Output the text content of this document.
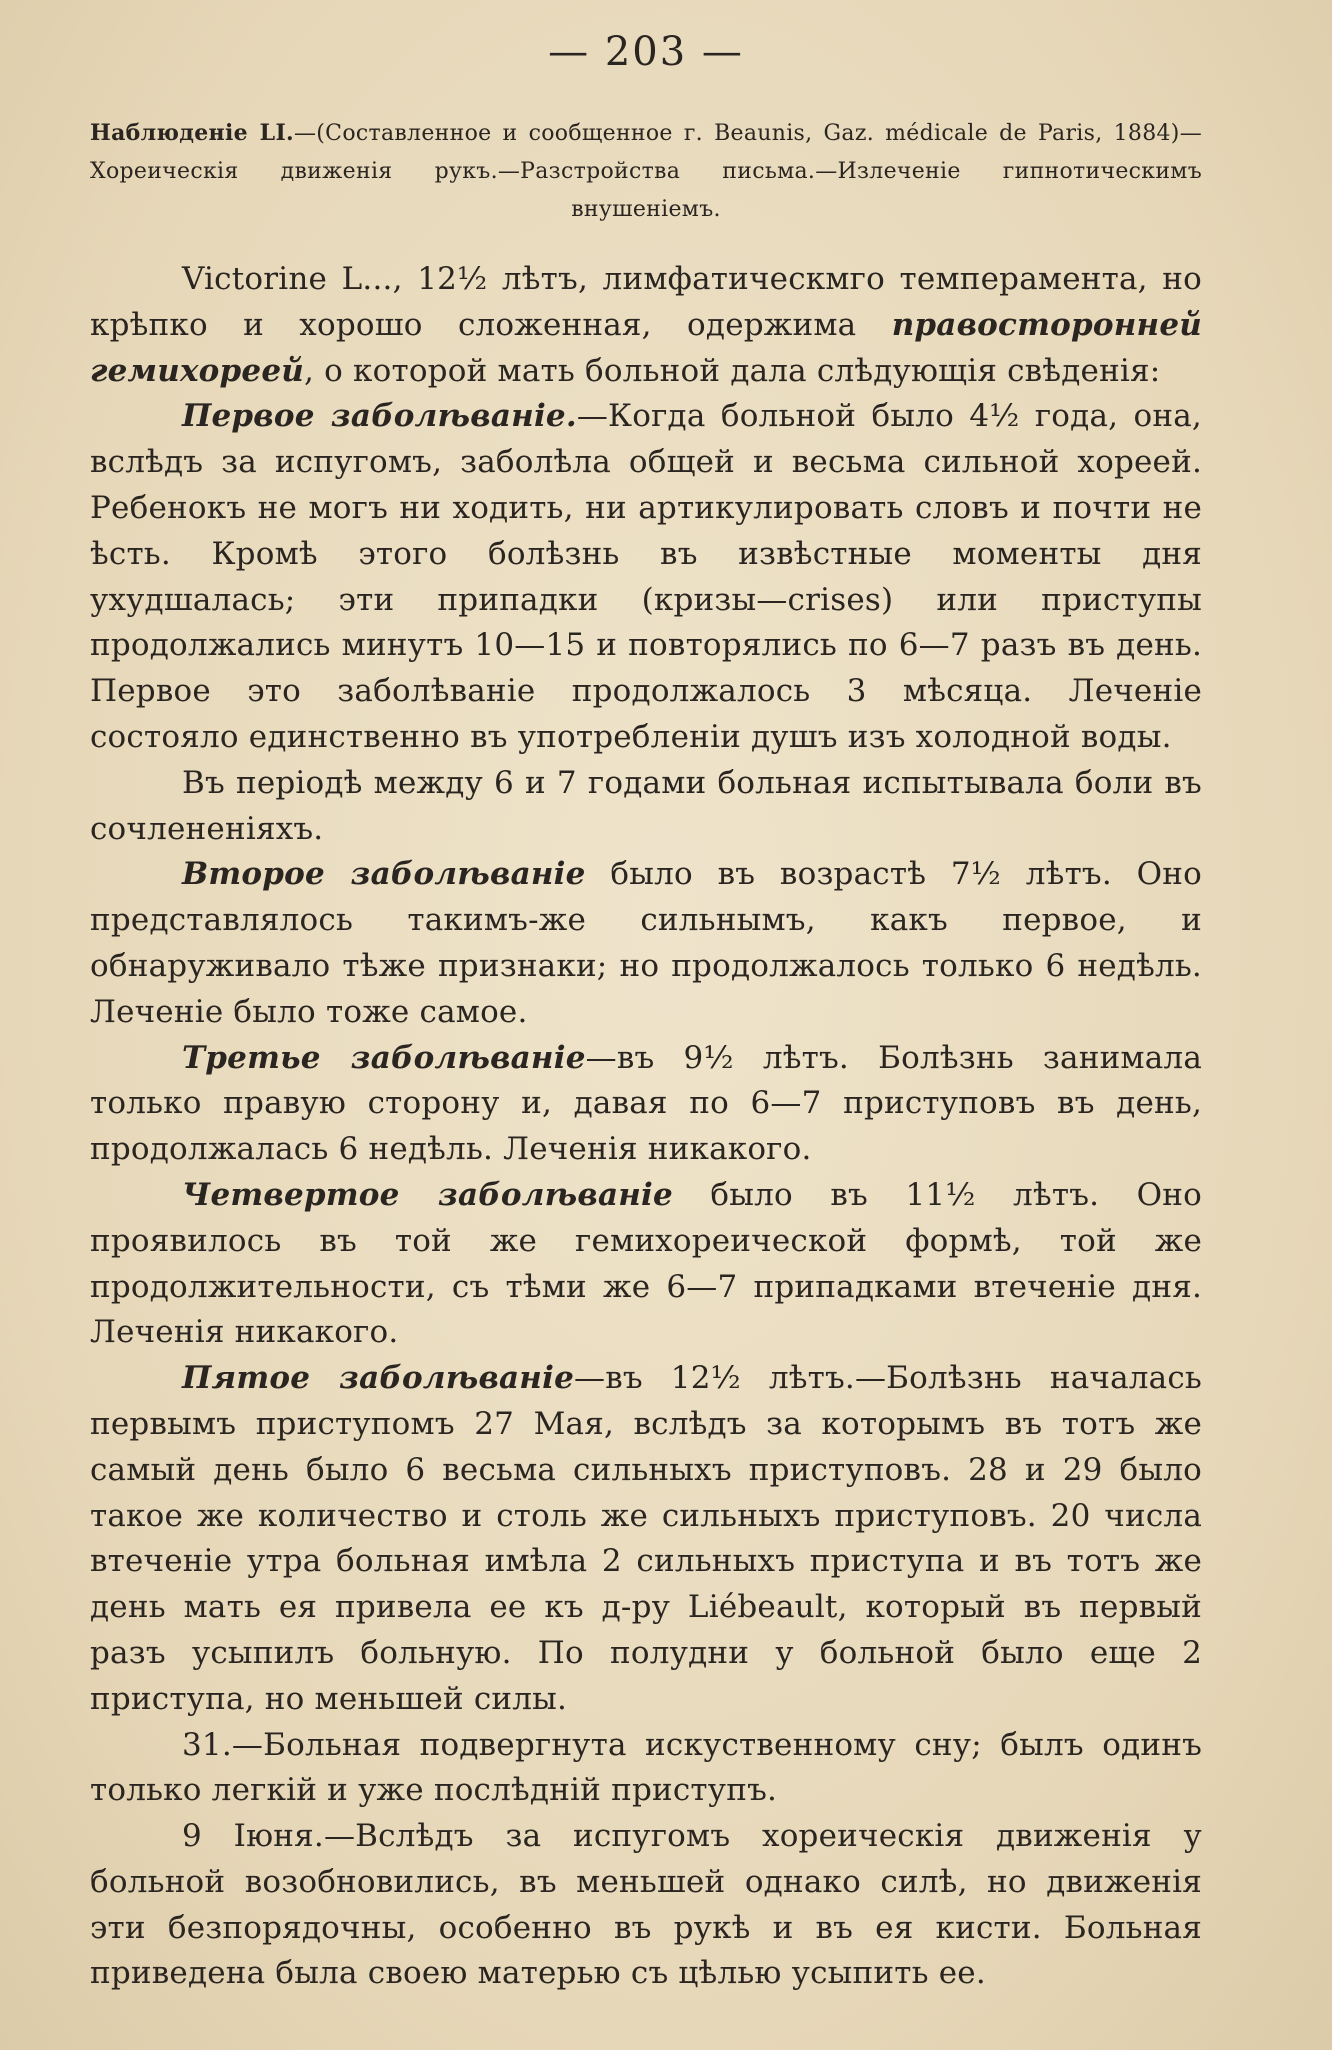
— 203 —
Наблюденіе LI.—(Составленное и сообщенное г. Beaunis, Gaz. médicale de Paris, 1884)—Хореическія движенія рукъ.—Разстройства письма.—Излеченіе гипнотическимъ внушеніемъ.

Victorine L..., 12½ лѣтъ, лимфатическмго темперамента, но крѣпко и хорошо сложенная, одержима правосторонней гемихореей, о которой мать больной дала слѣдующія свѣденія:

Первое заболѣваніе.—Когда больной было 4½ года, она, вслѣдъ за испугомъ, заболѣла общей и весьма сильной хореей. Ребенокъ не могъ ни ходить, ни артикулировать словъ и почти не ѣсть. Кромѣ этого болѣзнь въ извѣстные моменты дня ухудшалась; эти припадки (кризы—crises) или приступы продолжались минутъ 10—15 и повторялись по 6—7 разъ въ день. Первое это заболѣваніе продолжалось 3 мѣсяца. Леченіе состояло единственно въ употребленіи душъ изъ холодной воды.

Въ періодѣ между 6 и 7 годами больная испытывала боли въ сочлененіяхъ.

Второе заболѣваніе было въ возрастѣ 7½ лѣтъ. Оно представлялось такимъ-же сильнымъ, какъ первое, и обнаруживало тѣже признаки; но продолжалось только 6 недѣль. Леченіе было тоже самое.

Третье заболѣваніе—въ 9½ лѣтъ. Болѣзнь занимала только правую сторону и, давая по 6—7 приступовъ въ день, продолжалась 6 недѣль. Леченія никакого.

Четвертое заболѣваніе было въ 11½ лѣтъ. Оно проявилось въ той же гемихореической формѣ, той же продолжительности, съ тѣми же 6—7 припадками втеченіе дня. Леченія никакого.

Пятое заболѣваніе—въ 12½ лѣтъ.—Болѣзнь началась первымъ приступомъ 27 Мая, вслѣдъ за которымъ въ тотъ же самый день было 6 весьма сильныхъ приступовъ. 28 и 29 было такое же количество и столь же сильныхъ приступовъ. 20 числа втеченіе утра больная имѣла 2 сильныхъ приступа и въ тотъ же день мать ея привела ее къ д-ру Liébeault, который въ первый разъ усыпилъ больную. По полудни у больной было еще 2 приступа, но меньшей силы.

31.—Больная подвергнута искуственному сну; былъ одинъ только легкій и уже послѣдній приступъ.

9 Іюня.—Вслѣдъ за испугомъ хореическія движенія у больной возобновились, въ меньшей однако силѣ, но движенія эти безпорядочны, особенно въ рукѣ и въ ея кисти. Больная приведена была своею матерью съ цѣлью усыпить ее.
